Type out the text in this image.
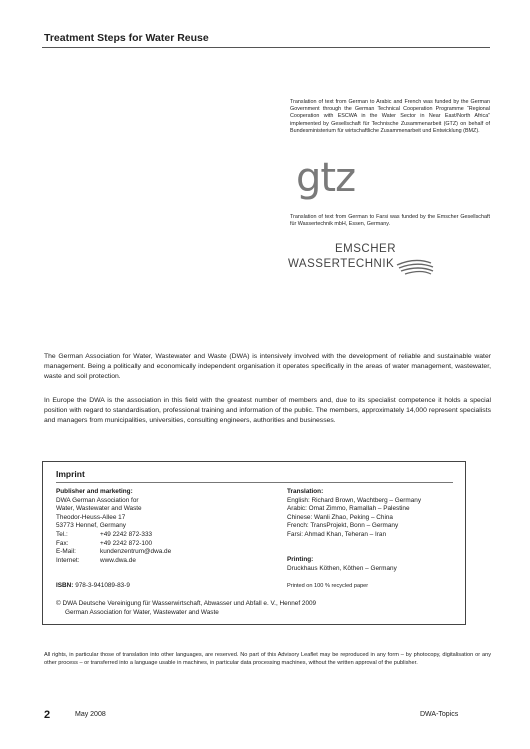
Treatment Steps for Water Reuse
Translation of text from German to Arabic and French was funded by the German Government through the German Technical Cooperation Programme “Regional Cooperation with ESCWA in the Water Sector in Near East/North Africa” implemented by Gesellschaft für Technische Zusammenarbeit (GTZ) on behalf of Bundesministerium für wirtschaftliche Zusammenarbeit und Entwicklung (BMZ).
gtz
Translation of text from German to Farsi was funded by the Emscher Gesellschaft für Wassertechnik mbH, Essen, Germany.
EMSCHER
WASSERTECHNIK
The German Association for Water, Wastewater and Waste (DWA) is intensively involved with the development of reliable and sustainable water management. Being a politically and economically independent organisation it operates specifically in the areas of water management, wastewater, waste and soil protection.
In Europe the DWA is the association in this field with the greatest number of members and, due to its specialist competence it holds a special position with regard to standardisation, professional training and information of the public. The members, approximately 14,000 represent specialists and managers from municipalities, universities, consulting engineers, authorities and businesses.
Imprint
Publisher and marketing:
DWA German Association for
Water, Wastewater and Waste
Theodor-Heuss-Allee 17
53773 Hennef, Germany
Tel.:	+49 2242 872-333
Fax:	+49 2242 872-100
E-Mail:	kundenzentrum@dwa.de
Internet:	www.dwa.de
ISBN: 978-3-941089-83-9
Translation:
English: Richard Brown, Wachtberg – Germany
Arabic: Omat Zimmo, Ramallah – Palestine
Chinese: Wanli Zhao, Peking – China
French: TransProjekt, Bonn – Germany
Farsi: Ahmad Khan, Teheran – Iran
Printing:
Druckhaus Köthen, Köthen – Germany
Printed on 100 % recycled paper
© DWA Deutsche Vereinigung für Wasserwirtschaft, Abwasser und Abfall e. V., Hennef 2009
German Association for Water, Wastewater and Waste
All rights, in particular those of translation into other languages, are reserved. No part of this Advisory Leaflet may be reproduced in any form – by photocopy, digitalisation or any other process – or transferred into a language usable in machines, in particular data processing machines, without the written approval of the publisher.
2	May 2008	DWA-Topics
